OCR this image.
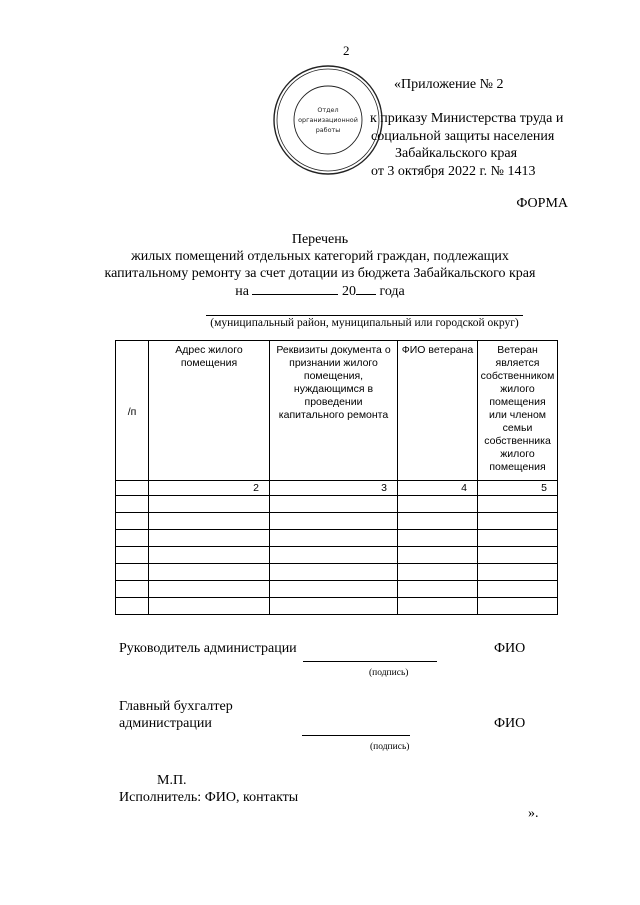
2
Отдел
организационной
работы
«Приложение № 2
к приказу Министерства труда и
социальной защиты населения
Забайкальского края
от 3 октября 2022 г. № 1413
ФОРМА
Перечень
жилых помещений отдельных категорий граждан, подлежащих
капитальному ремонту за счет дотации из бюджета Забайкальского края
на	20 года
(муниципальный район, муниципальный или городской округ)
/п	Адрес жилого помещения	Реквизиты документа о признании жилого помещения, нуждающимся в проведении капитального ремонта	ФИО ветерана	Ветеран является собственником жилого помещения или членом семьи собственника жилого помещения
	2	3	4	5

Руководитель администрации	ФИО
(подпись)
Главный бухгалтер
администрации	ФИО
(подпись)
М.П.
Исполнитель: ФИО, контакты
».
